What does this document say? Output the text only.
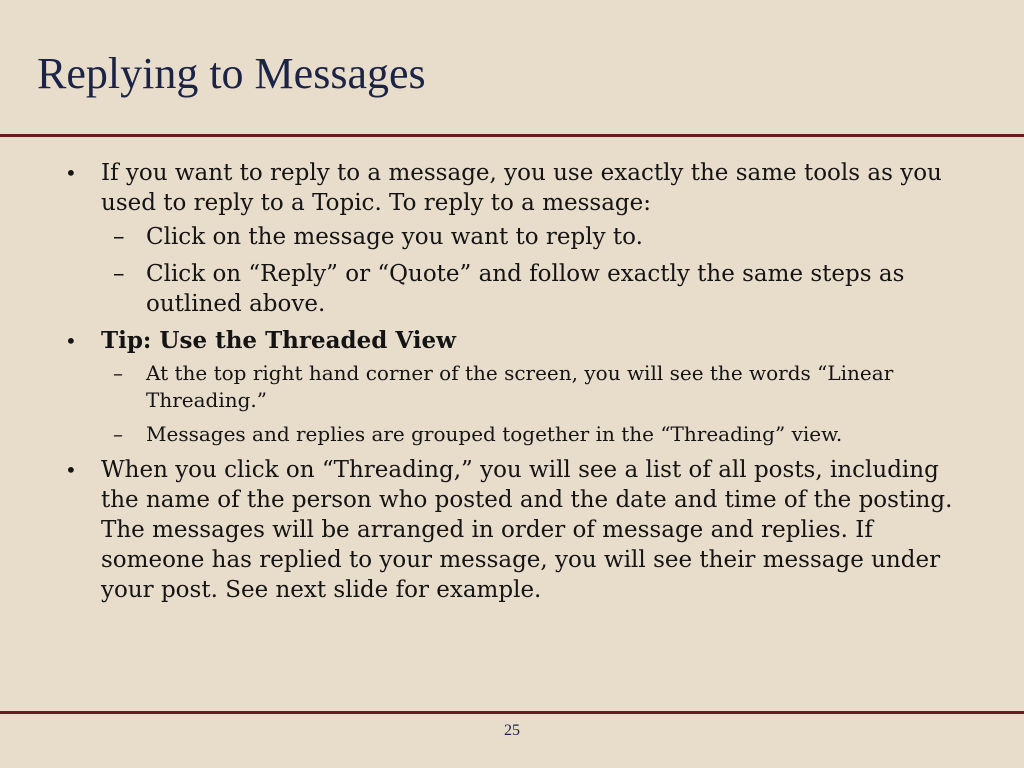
Replying to Messages
• If you want to reply to a message, you use exactly the same tools as you used to reply to a Topic. To reply to a message:
– Click on the message you want to reply to.
– Click on “Reply” or “Quote” and follow exactly the same steps as outlined above.
• Tip: Use the Threaded View
– At the top right hand corner of the screen, you will see the words “Linear Threading.”
– Messages and replies are grouped together in the “Threading” view.
• When you click on “Threading,” you will see a list of all posts, including the name of the person who posted and the date and time of the posting. The messages will be arranged in order of message and replies. If someone has replied to your message, you will see their message under your post. See next slide for example.
25
